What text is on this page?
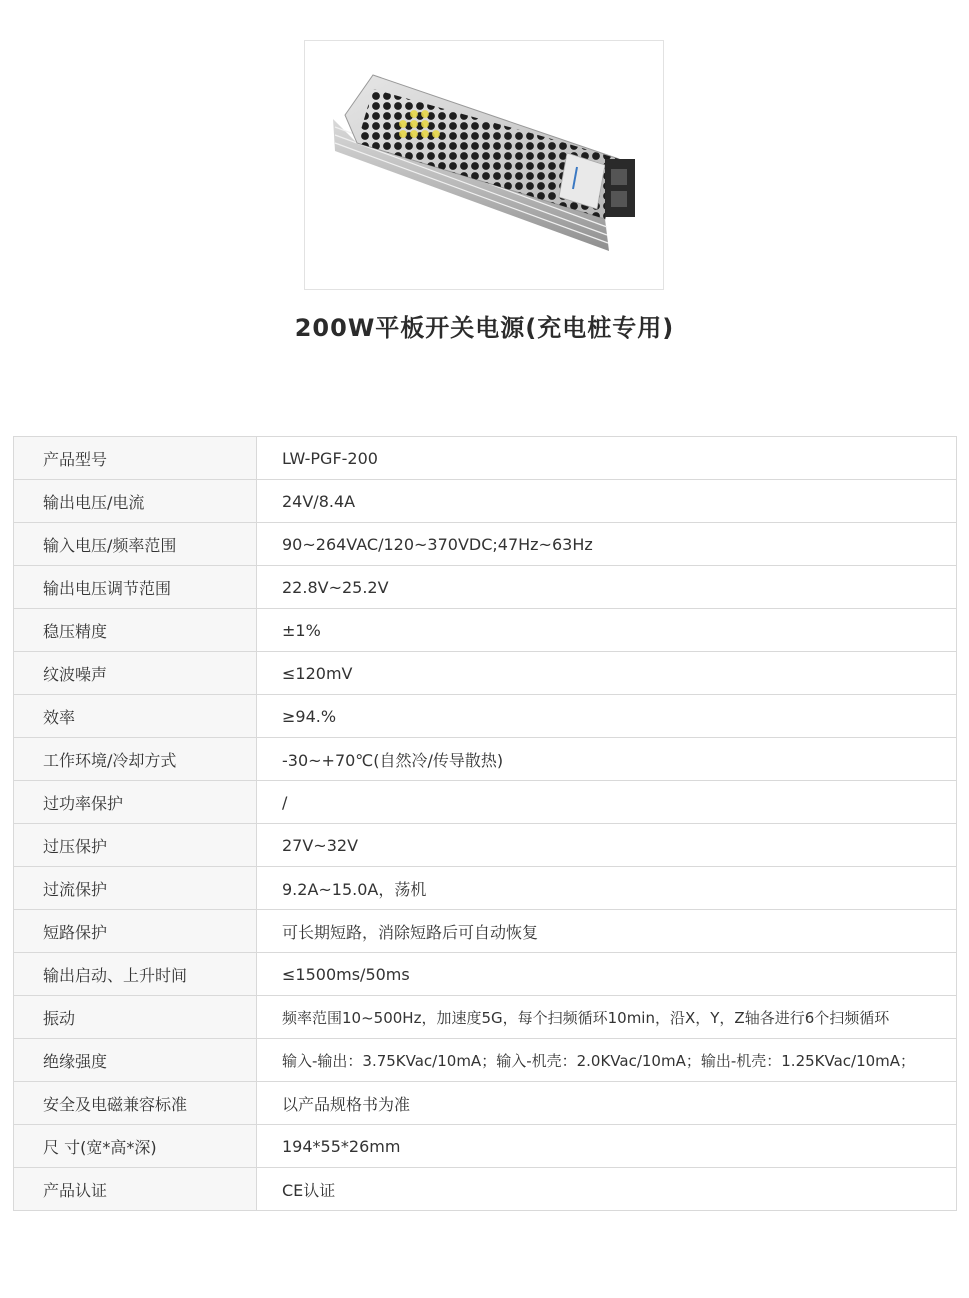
200W平板开关电源(充电桩专用)
产品型号	LW-PGF-200
输出电压/电流	24V/8.4A
输入电压/频率范围	90~264VAC/120~370VDC;47Hz~63Hz
输出电压调节范围	22.8V~25.2V
稳压精度	±1%
纹波噪声	≤120mV
效率	≥94.%
工作环境/冷却方式	-30~+70℃(自然冷/传导散热)
过功率保护	/
过压保护	27V~32V
过流保护	9.2A~15.0A，荡机
短路保护	可长期短路，消除短路后可自动恢复
输出启动、上升时间	≤1500ms/50ms
振动	频率范围10~500Hz，加速度5G，每个扫频循环10min，沿X，Y，Z轴各进行6个扫频循环
绝缘强度	输入-输出：3.75KVac/10mA；输入-机壳：2.0KVac/10mA；输出-机壳：1.25KVac/10mA；
安全及电磁兼容标准	以产品规格书为准
尺 寸(宽*高*深)	194*55*26mm
产品认证	CE认证
